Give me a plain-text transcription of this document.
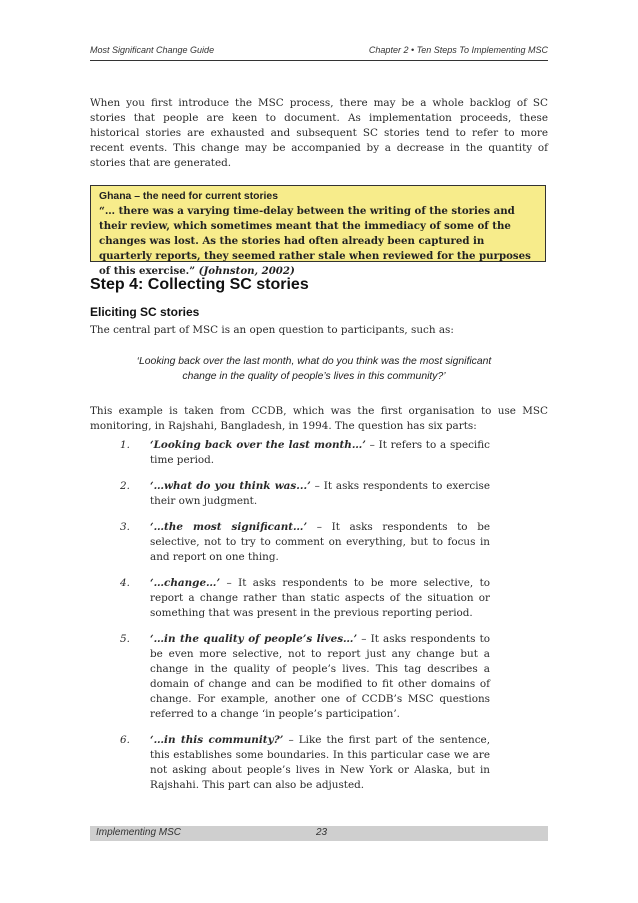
Most Significant Change Guide	Chapter 2 • Ten Steps To Implementing MSC
When you first introduce the MSC process, there may be a whole backlog of SC stories that people are keen to document. As implementation proceeds, these historical stories are exhausted and subsequent SC stories tend to refer to more recent events. This change may be accompanied by a decrease in the quantity of stories that are generated.
Ghana – the need for current stories
“… there was a varying time-delay between the writing of the stories and their review, which sometimes meant that the immediacy of some of the changes was lost. As the stories had often already been captured in quarterly reports, they seemed rather stale when reviewed for the purposes of this exercise.” (Johnston, 2002)
Step 4: Collecting SC stories
Eliciting SC stories
The central part of MSC is an open question to participants, such as:
‘Looking back over the last month, what do you think was the most significant change in the quality of people’s lives in this community?’
This example is taken from CCDB, which was the first organisation to use MSC monitoring, in Rajshahi, Bangladesh, in 1994. The question has six parts:
1. ‘Looking back over the last month…’ – It refers to a specific time period.
2. ‘…what do you think was...’ – It asks respondents to exercise their own judgment.
3. ‘…the most significant…’ – It asks respondents to be selective, not to try to comment on everything, but to focus in and report on one thing.
4. ‘…change…’ – It asks respondents to be more selective, to report a change rather than static aspects of the situation or something that was present in the previous reporting period.
5. ‘…in the quality of people’s lives…’ – It asks respondents to be even more selective, not to report just any change but a change in the quality of people’s lives. This tag describes a domain of change and can be modified to fit other domains of change. For example, another one of CCDB’s MSC questions referred to a change ‘in people’s participation’.
6. ‘…in this community?’ – Like the first part of the sentence, this establishes some boundaries. In this particular case we are not asking about people’s lives in New York or Alaska, but in Rajshahi. This part can also be adjusted.
Implementing MSC	23
